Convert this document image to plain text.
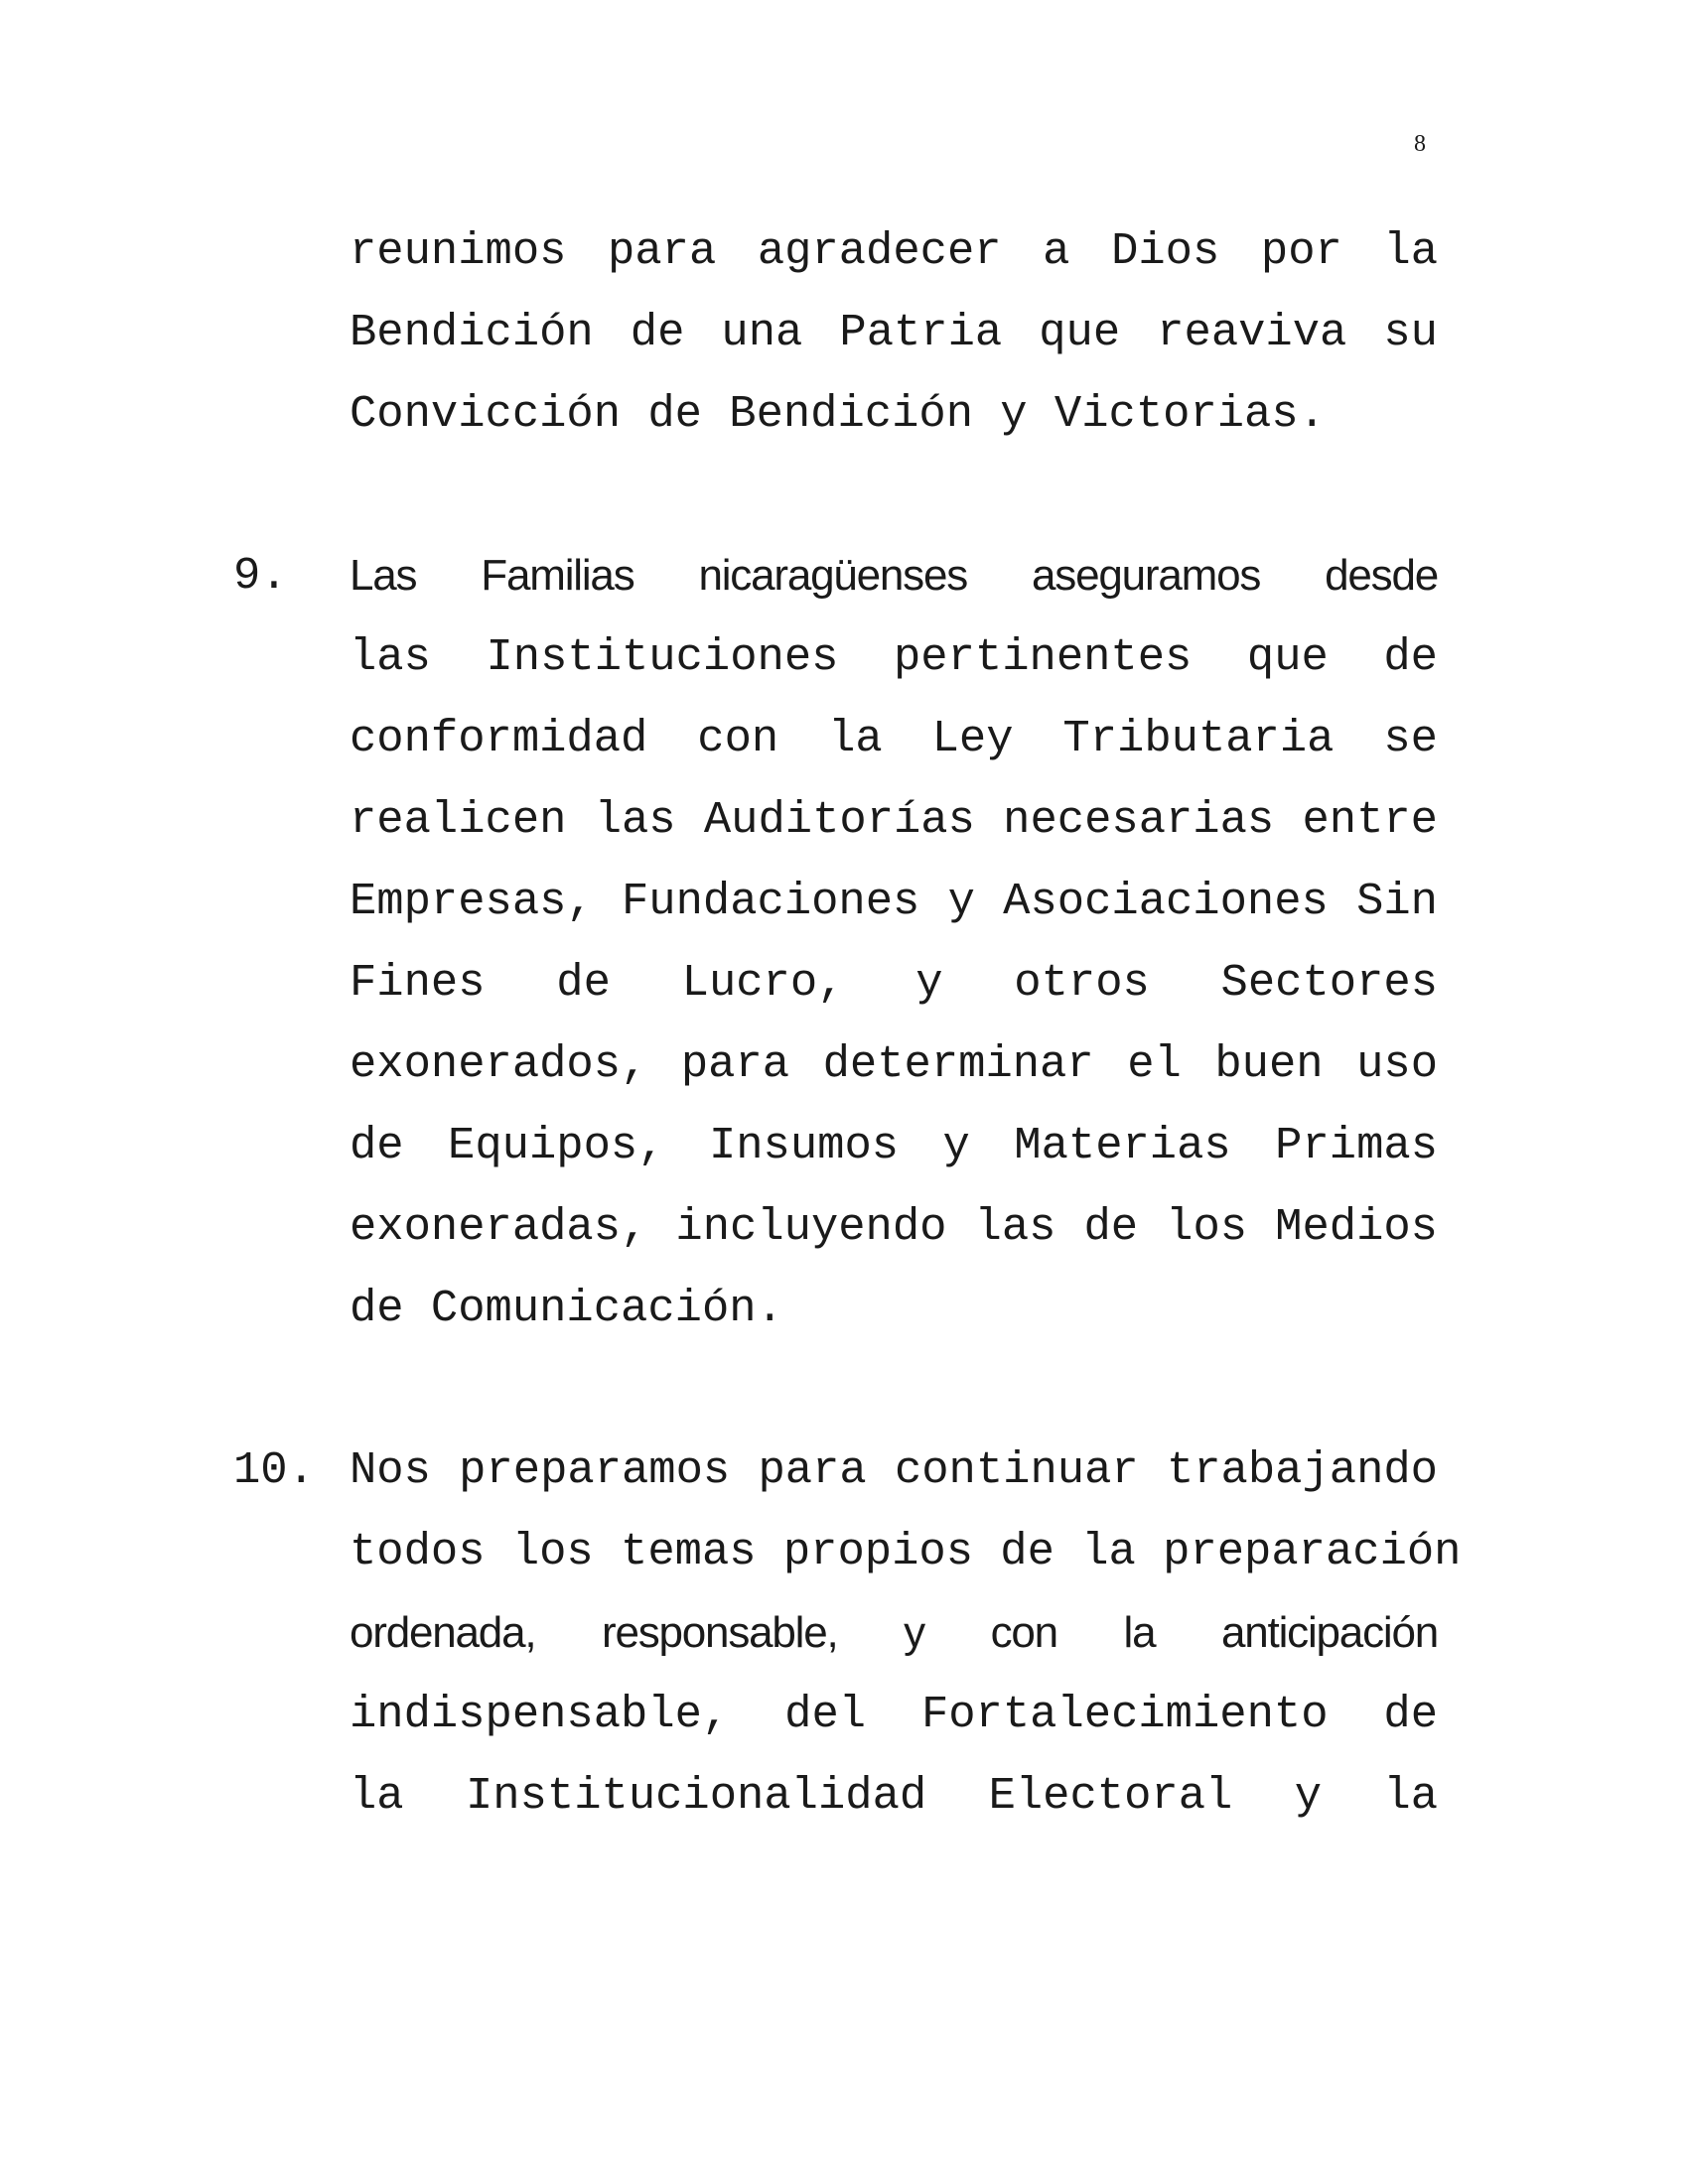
8
reunimos para agradecer a Dios por la
Bendición de una Patria que reaviva su
Convicción de Bendición y Victorias.
9.	Las Familias nicaragüenses aseguramos desde
las Instituciones pertinentes que de
conformidad con la Ley Tributaria se
realicen las Auditorías necesarias entre
Empresas, Fundaciones y Asociaciones Sin
Fines de Lucro, y otros Sectores
exonerados, para determinar el buen uso
de Equipos, Insumos y Materias Primas
exoneradas, incluyendo las de los Medios
de Comunicación.
10. Nos preparamos para continuar trabajando
todos los temas propios de la preparación
ordenada, responsable, y con la anticipación
indispensable, del Fortalecimiento de
la Institucionalidad Electoral y la
